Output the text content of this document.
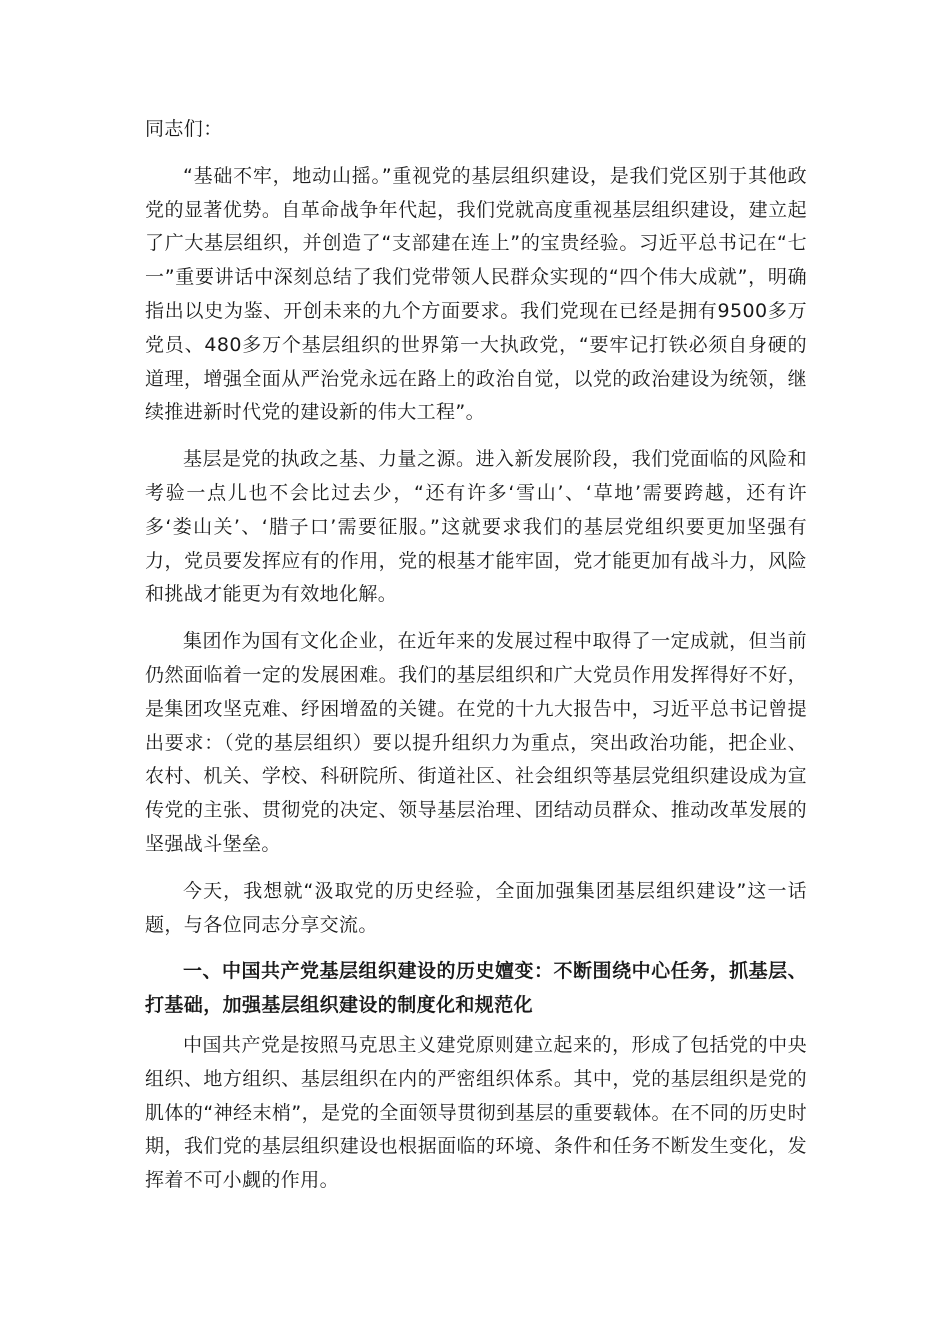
同志们：

“基础不牢，地动山摇。”重视党的基层组织建设，是我们党区别于其他政党的显著优势。自革命战争年代起，我们党就高度重视基层组织建设，建立起了广大基层组织，并创造了“支部建在连上”的宝贵经验。习近平总书记在“七一”重要讲话中深刻总结了我们党带领人民群众实现的“四个伟大成就”，明确指出以史为鉴、开创未来的九个方面要求。我们党现在已经是拥有9500多万党员、480多万个基层组织的世界第一大执政党，“要牢记打铁必须自身硬的道理，增强全面从严治党永远在路上的政治自觉，以党的政治建设为统领，继续推进新时代党的建设新的伟大工程”。

基层是党的执政之基、力量之源。进入新发展阶段，我们党面临的风险和考验一点儿也不会比过去少，“还有许多‘雪山’、‘草地’需要跨越，还有许多‘娄山关’、‘腊子口’需要征服。”这就要求我们的基层党组织要更加坚强有力，党员要发挥应有的作用，党的根基才能牢固，党才能更加有战斗力，风险和挑战才能更为有效地化解。

集团作为国有文化企业，在近年来的发展过程中取得了一定成就，但当前仍然面临着一定的发展困难。我们的基层组织和广大党员作用发挥得好不好，是集团攻坚克难、纾困增盈的关键。在党的十九大报告中，习近平总书记曾提出要求：（党的基层组织）要以提升组织力为重点，突出政治功能，把企业、农村、机关、学校、科研院所、街道社区、社会组织等基层党组织建设成为宣传党的主张、贯彻党的决定、领导基层治理、团结动员群众、推动改革发展的坚强战斗堡垒。

今天，我想就“汲取党的历史经验，全面加强集团基层组织建设”这一话题，与各位同志分享交流。

一、中国共产党基层组织建设的历史嬗变：不断围绕中心任务，抓基层、打基础，加强基层组织建设的制度化和规范化

中国共产党是按照马克思主义建党原则建立起来的，形成了包括党的中央组织、地方组织、基层组织在内的严密组织体系。其中，党的基层组织是党的肌体的“神经末梢”，是党的全面领导贯彻到基层的重要载体。在不同的历史时期，我们党的基层组织建设也根据面临的环境、条件和任务不断发生变化，发挥着不可小觑的作用。
